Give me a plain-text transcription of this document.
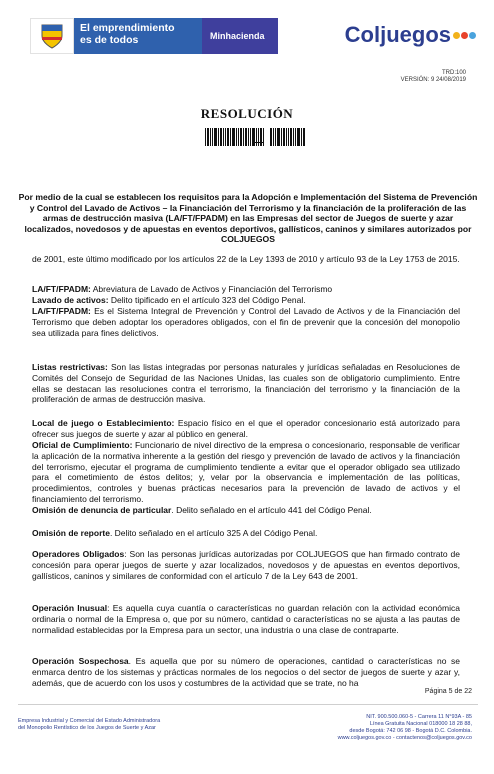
El emprendimiento
es de todos	Minhacienda	Coljuegos
TRD:100
VERSIÓN: 9 24/08/2019
RESOLUCIÓN
Por medio de la cual se establecen los requisitos para la Adopción e Implementación del Sistema de Prevención y Control del Lavado de Activos – la Financiación del Terrorismo y la financiación de la proliferación de las armas de destrucción masiva (LA/FT/FPADM) en las Empresas del sector de Juegos de suerte y azar localizados, novedosos y de apuestas en eventos deportivos, gallísticos, caninos y similares autorizados por COLJUEGOS
de 2001, este último modificado por los artículos 22 de la Ley 1393 de 2010 y artículo 93 de la Ley 1753 de 2015.
LA/FT/FPADM: Abreviatura de Lavado de Activos y Financiación del Terrorismo
Lavado de activos: Delito tipificado en el artículo 323 del Código Penal.
LA/FT/FPADM: Es el Sistema Integral de Prevención y Control del Lavado de Activos y de la Financiación del Terrorismo que deben adoptar los operadores obligados, con el fin de prevenir que la concesión del monopolio sea utilizada para fines delictivos.
Listas restrictivas: Son las listas integradas por personas naturales y jurídicas señaladas en Resoluciones de Comités del Consejo de Seguridad de las Naciones Unidas, las cuales son de obligatorio cumplimiento. Entre ellas se destacan las resoluciones contra el terrorismo, la financiación del terrorismo y la financiación de la proliferación de armas de destrucción masiva.
Local de juego o Establecimiento: Espacio físico en el que el operador concesionario está autorizado para ofrecer sus juegos de suerte y azar al público en general.
Oficial de Cumplimiento: Funcionario de nivel directivo de la empresa o concesionario, responsable de verificar la aplicación de la normativa inherente a la gestión del riesgo y prevención de lavado de activos y la financiación del terrorismo, ejecutar el programa de cumplimiento tendiente a evitar que el operador obligado sea utilizado para el cometimiento de éstos delitos; y, velar por la observancia e implementación de las políticas, procedimientos, controles y buenas prácticas necesarios para la prevención de lavado de activos y el financiamiento del terrorismo.
Omisión de denuncia de particular. Delito señalado en el artículo 441 del Código Penal.
Omisión de reporte. Delito señalado en el artículo 325 A del Código Penal.
Operadores Obligados: Son las personas jurídicas autorizadas por COLJUEGOS que han firmado contrato de concesión para operar juegos de suerte y azar localizados, novedosos y de apuestas en eventos deportivos, gallísticos, caninos y similares de conformidad con el artículo 7 de la Ley 643 de 2001.
Operación Inusual: Es aquella cuya cuantía o características no guardan relación con la actividad económica ordinaria o normal de la Empresa o, que por su número, cantidad o características no se ajusta a las pautas de normalidad establecidas por la Empresa para un sector, una industria o una clase de contraparte.
Operación Sospechosa. Es aquella que por su número de operaciones, cantidad o características no se enmarca dentro de los sistemas y prácticas normales de los negocios o del sector de juegos de suerte y azar y, además, que de acuerdo con los usos y costumbres de la actividad que se trate, no ha
Página 5 de 22
Empresa Industrial y Comercial del Estado Administradora
del Monopolio Rentístico de los Juegos de Suerte y Azar
NIT. 900.500.060-5 - Carrera 11 N°93A - 85
Línea Gratuita Nacional 018000 18 28 88,
desde Bogotá: 742 06 98 - Bogotá D.C. Colombia.
www.coljuegos.gov.co - contactenos@coljuegos.gov.co
